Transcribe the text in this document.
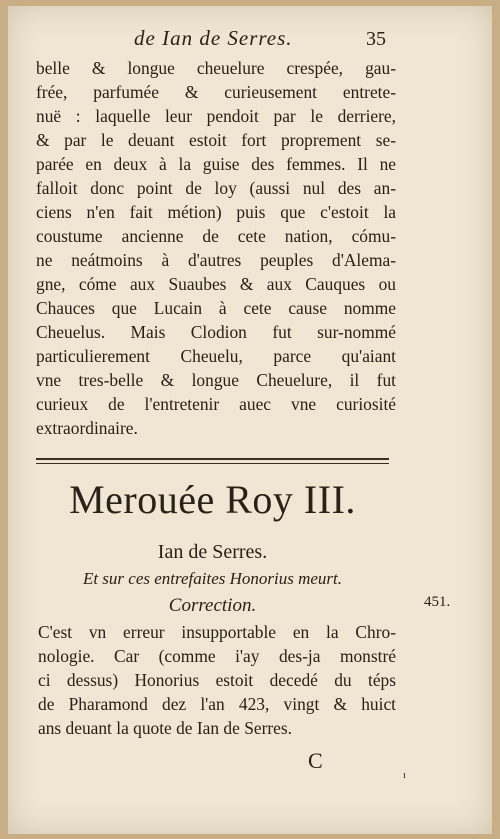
de Ian de Serres.	35
belle & longue cheuelure crespée, gau-
frée, parfumée & curieusement entrete-
nuë : laquelle leur pendoit par le derriere,
& par le deuant estoit fort proprement se-
parée en deux à la guise des femmes. Il ne
falloit donc point de loy (aussi nul des an-
ciens n'en fait métion) puis que c'estoit la
coustume ancienne de cete nation, cómu-
ne neátmoins à d'autres peuples d'Alema-
gne, cóme aux Suaubes & aux Cauques ou
Chauces que Lucain à cete cause nomme
Cheuelus. Mais Clodion fut sur-nommé
particulierement Cheuelu, parce qu'aiant
vne tres-belle & longue Cheuelure, il fut
curieux de l'entretenir auec vne curiosité
extraordinaire.
Merouée Roy III.
Ian de Serres.
Et sur ces entrefaites Honorius meurt.
Correction.	451.
C'est vn erreur insupportable en la Chro-
nologie. Car (comme i'ay des-ja monstré
ci dessus) Honorius estoit decedé du téps
de Pharamond dez l'an 423, vingt & huict
ans deuant la quote de Ian de Serres.
C
ı
